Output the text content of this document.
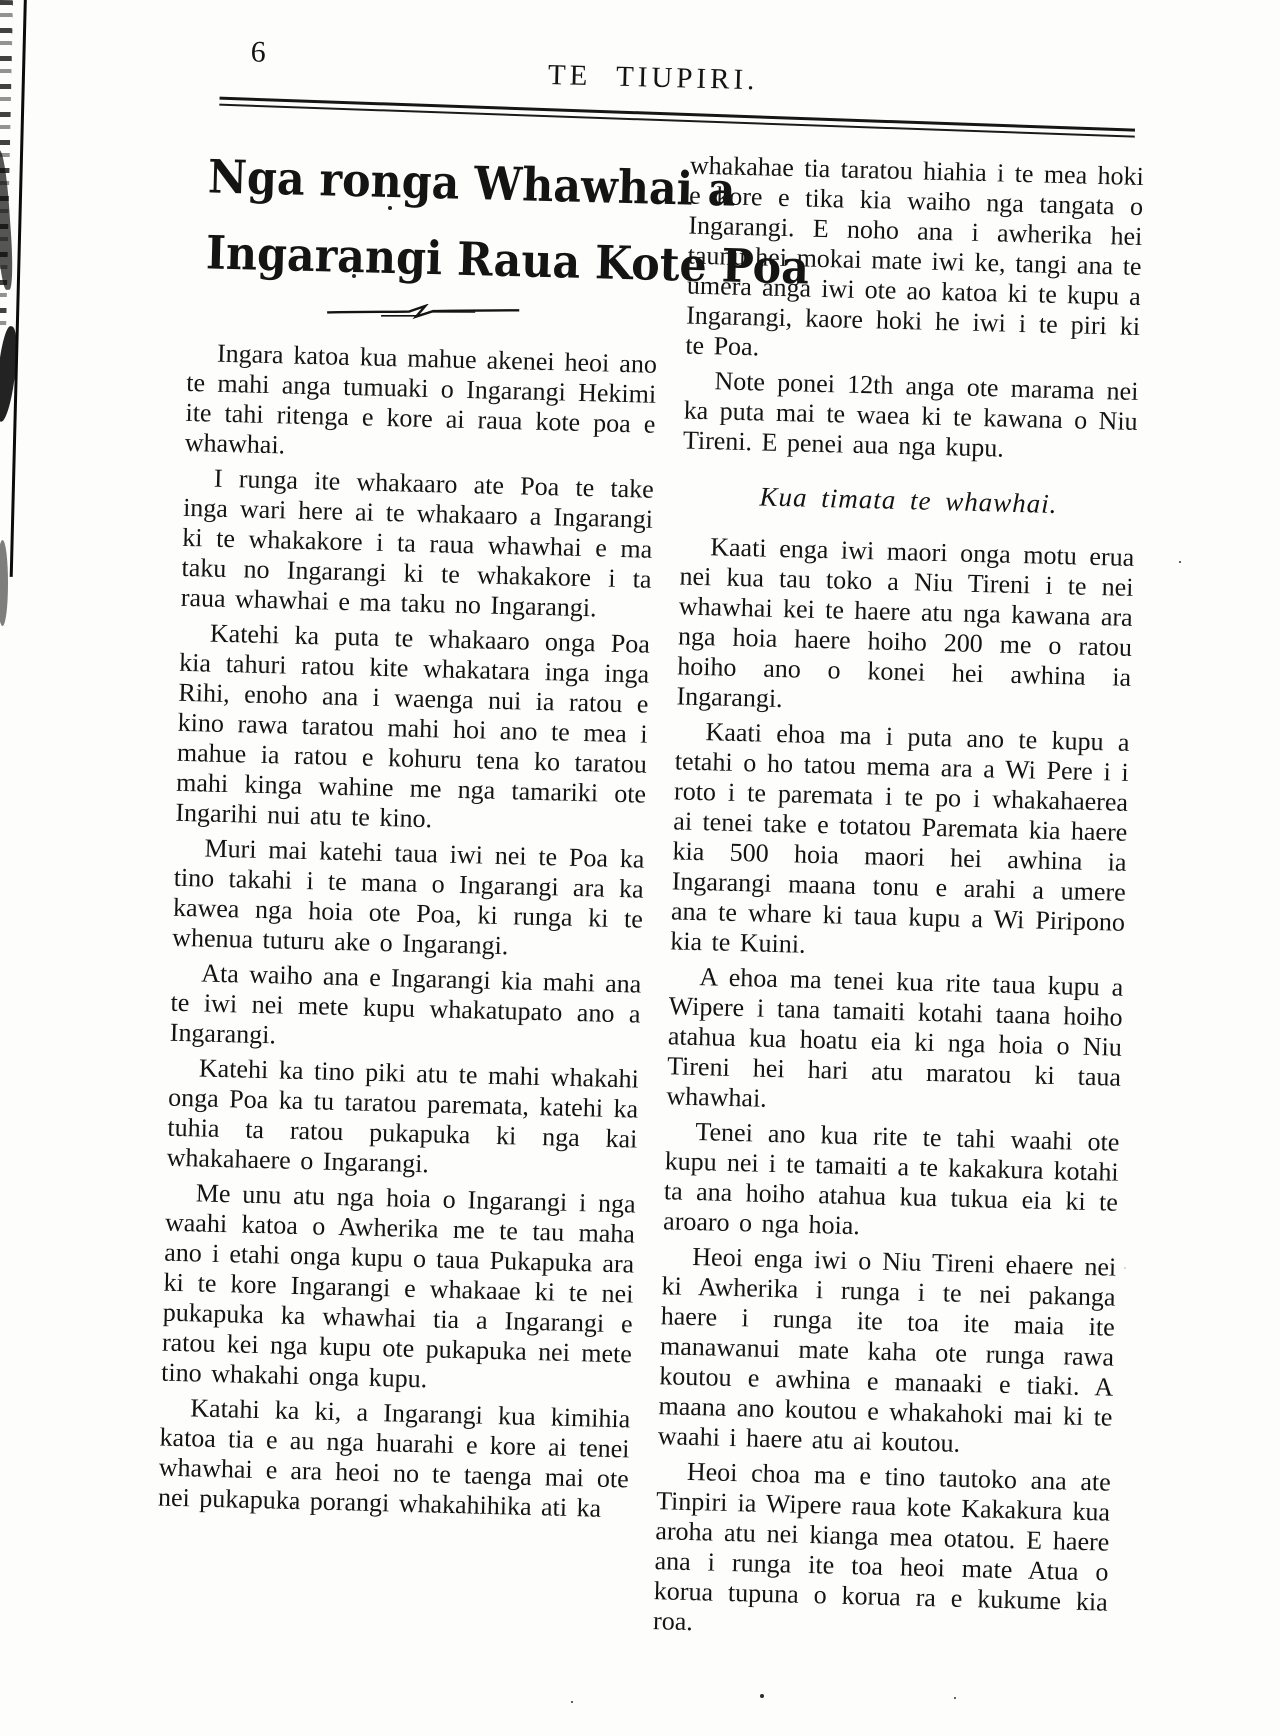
6
TE TIUPIRI.
Nga ronga Whawhai a
Ingarangi Raua Kote Poa

Ingara katoa kua mahue akenei heoi ano te mahi anga tumuaki o Ingarangi Hekimi ite tahi ritenga e kore ai raua kote poa e whawhai.

I runga ite whakaaro ate Poa te take inga wari here ai te whakaaro a Ingarangi ki te whakakore i ta raua whawhai e ma taku no Ingarangi ki te whakakore i ta raua whawhai e ma taku no Ingarangi.

Katehi ka puta te whakaaro onga Poa kia tahuri ratou kite whakatara inga inga Rihi, enoho ana i waenga nui ia ratou e kino rawa taratou mahi hoi ano te mea i mahue ia ratou e kohuru tena ko taratou mahi kinga wahine me nga tamariki ote Ingarihi nui atu te kino.

Muri mai katehi taua iwi nei te Poa ka tino takahi i te mana o Ingarangi ara ka kawea nga hoia ote Poa, ki runga ki te whenua tuturu ake o Ingarangi.

Ata waiho ana e Ingarangi kia mahi ana te iwi nei mete kupu whakatupato ano a Ingarangi.

Katehi ka tino piki atu te mahi whakahi onga Poa ka tu taratou paremata, katehi ka tuhia ta ratou pukapuka ki nga kai whakahaere o Ingarangi.

Me unu atu nga hoia o Ingarangi i nga waahi katoa o Awherika me te tau maha ano i etahi onga kupu o taua Pukapuka ara ki te kore Ingarangi e whakaae ki te nei pukapuka ka whawhai tia a Ingarangi e ratou kei nga kupu ote pukapuka nei mete tino whakahi onga kupu.

Katahi ka ki, a Ingarangi kua kimihia katoa tia e au nga huarahi e kore ai tenei whawhai e ara heoi no te taenga mai ote nei pukapuka porangi whakahihika ati ka

whakahae tia taratou hiahia i te mea hoki e kore e tika kia waiho nga tangata o Ingarangi. E noho ana i awherika hei taunu hei mokai mate iwi ke, tangi ana te umera anga iwi ote ao katoa ki te kupu a Ingarangi, kaore hoki he iwi i te piri ki te Poa.

Note ponei 12th anga ote marama nei ka puta mai te waea ki te kawana o Niu Tireni. E penei aua nga kupu.

Kua timata te whawhai.

Kaati enga iwi maori onga motu erua nei kua tau toko a Niu Tireni i te nei whawhai kei te haere atu nga kawana ara nga hoia haere hoiho 200 me o ratou hoiho ano o konei hei awhina ia Ingarangi.

Kaati ehoa ma i puta ano te kupu a tetahi o ho tatou mema ara a Wi Pere i i roto i te paremata i te po i whakahaerea ai tenei take e totatou Paremata kia haere kia 500 hoia maori hei awhina ia Ingarangi maana tonu e arahi a umere ana te whare ki taua kupu a Wi Piripono kia te Kuini.

A ehoa ma tenei kua rite taua kupu a Wipere i tana tamaiti kotahi taana hoiho atahua kua hoatu eia ki nga hoia o Niu Tireni hei hari atu maratou ki taua whawhai.

Tenei ano kua rite te tahi waahi ote kupu nei i te tamaiti a te kakakura kotahi ta ana hoiho atahua kua tukua eia ki te aroaro o nga hoia.

Heoi enga iwi o Niu Tireni ehaere nei ki Awherika i runga i te nei pakanga haere i runga ite toa ite maia ite manawanui mate kaha ote runga rawa koutou e awhina e manaaki e tiaki. A maana ano koutou e whakahoki mai ki te waahi i haere atu ai koutou.

Heoi choa ma e tino tautoko ana ate Tinpiri ia Wipere raua kote Kakakura kua aroha atu nei kianga mea otatou. E haere ana i runga ite toa heoi mate Atua o korua tupuna o korua ra e kukume kia roa.
